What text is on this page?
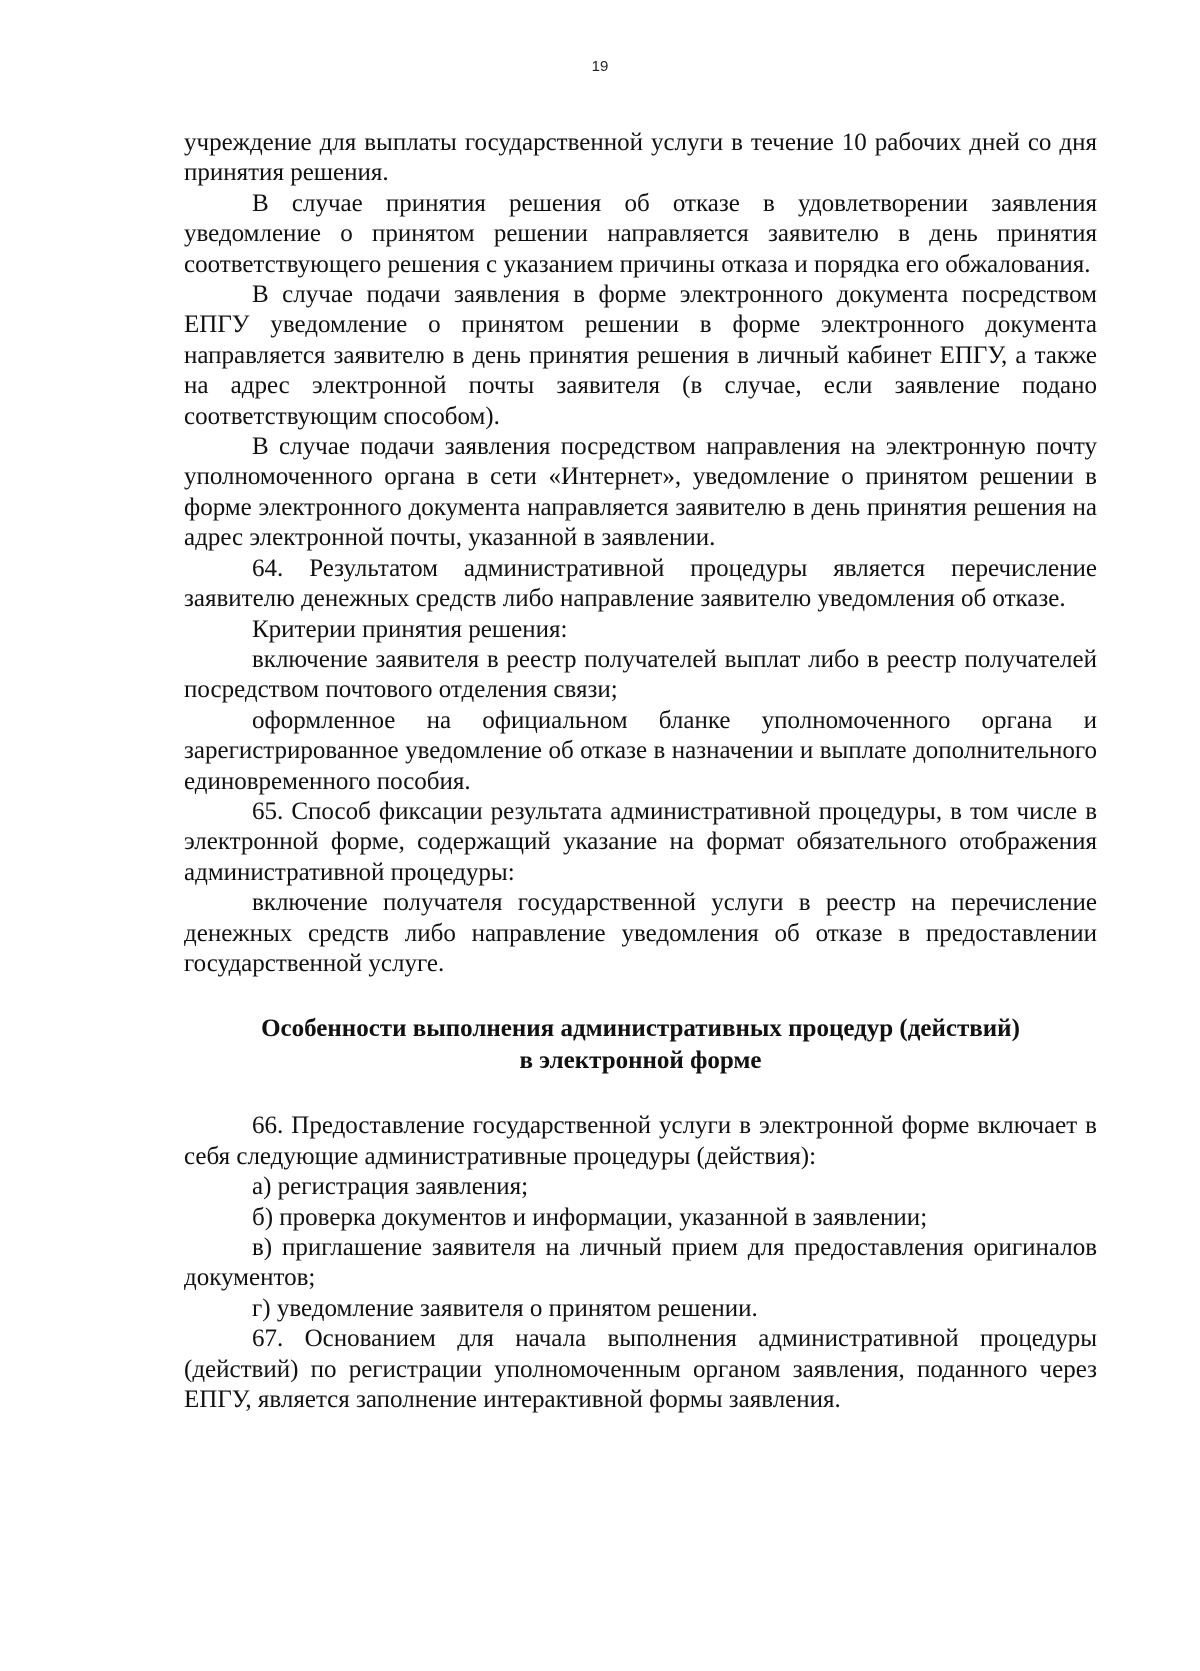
19

учреждение для выплаты государственной услуги в течение 10 рабочих дней со дня принятия решения.

В случае принятия решения об отказе в удовлетворении заявления уведомление о принятом решении направляется заявителю в день принятия соответствующего решения с указанием причины отказа и порядка его обжалования.

В случае подачи заявления в форме электронного документа посредством ЕПГУ уведомление о принятом решении в форме электронного документа направляется заявителю в день принятия решения в личный кабинет ЕПГУ, а также на адрес электронной почты заявителя (в случае, если заявление подано соответствующим способом).

В случае подачи заявления посредством направления на электронную почту уполномоченного органа в сети «Интернет», уведомление о принятом решении в форме электронного документа направляется заявителю в день принятия решения на адрес электронной почты, указанной в заявлении.

64. Результатом административной процедуры является перечисление заявителю денежных средств либо направление заявителю уведомления об отказе.

Критерии принятия решения:

включение заявителя в реестр получателей выплат либо в реестр получателей посредством почтового отделения связи;

оформленное на официальном бланке уполномоченного органа и зарегистрированное уведомление об отказе в назначении и выплате дополнительного единовременного пособия.

65. Способ фиксации результата административной процедуры, в том числе в электронной форме, содержащий указание на формат обязательного отображения административной процедуры:

включение получателя государственной услуги в реестр на перечисление денежных средств либо направление уведомления об отказе в предоставлении государственной услуге.

Особенности выполнения административных процедур (действий)
в электронной форме

66. Предоставление государственной услуги в электронной форме включает в себя следующие административные процедуры (действия):

а) регистрация заявления;

б) проверка документов и информации, указанной в заявлении;

в) приглашение заявителя на личный прием для предоставления оригиналов документов;

г) уведомление заявителя о принятом решении.

67. Основанием для начала выполнения административной процедуры (действий) по регистрации уполномоченным органом заявления, поданного через ЕПГУ, является заполнение интерактивной формы заявления.
